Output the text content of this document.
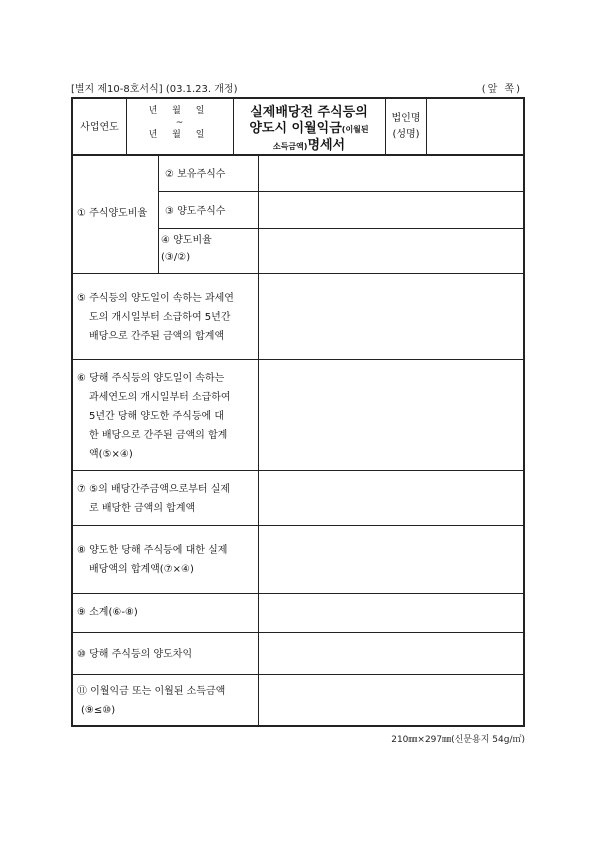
[별지 제10-8호서식] (03.1.23. 개정)	(앞 쪽)
사업연도
년 월 일
~
년 월 일
실제배당전 주식등의
양도시 이월익금(이월된
소득금액)명세서
법인명
(성명)
① 주식양도비율
② 보유주식수
③ 양도주식수
④ 양도비율
(③/②)
⑤ 주식등의 양도일이 속하는 과세연
도의 개시일부터 소급하여 5년간
배당으로 간주된 금액의 합계액
⑥ 당해 주식등의 양도일이 속하는
과세연도의 개시일부터 소급하여
5년간 당해 양도한 주식등에 대
한 배당으로 간주된 금액의 합계
액(⑤×④)
⑦ ⑤의 배당간주금액으로부터 실제
로 배당한 금액의 합계액
⑧ 양도한 당해 주식등에 대한 실제
배당액의 합계액(⑦×④)
⑨ 소계(⑥-⑧)
⑩ 당해 주식등의 양도차익
⑪ 이월익금 또는 이월된 소득금액
(⑨≤⑩)
210㎜×297㎜(신문용지 54g/㎡)
